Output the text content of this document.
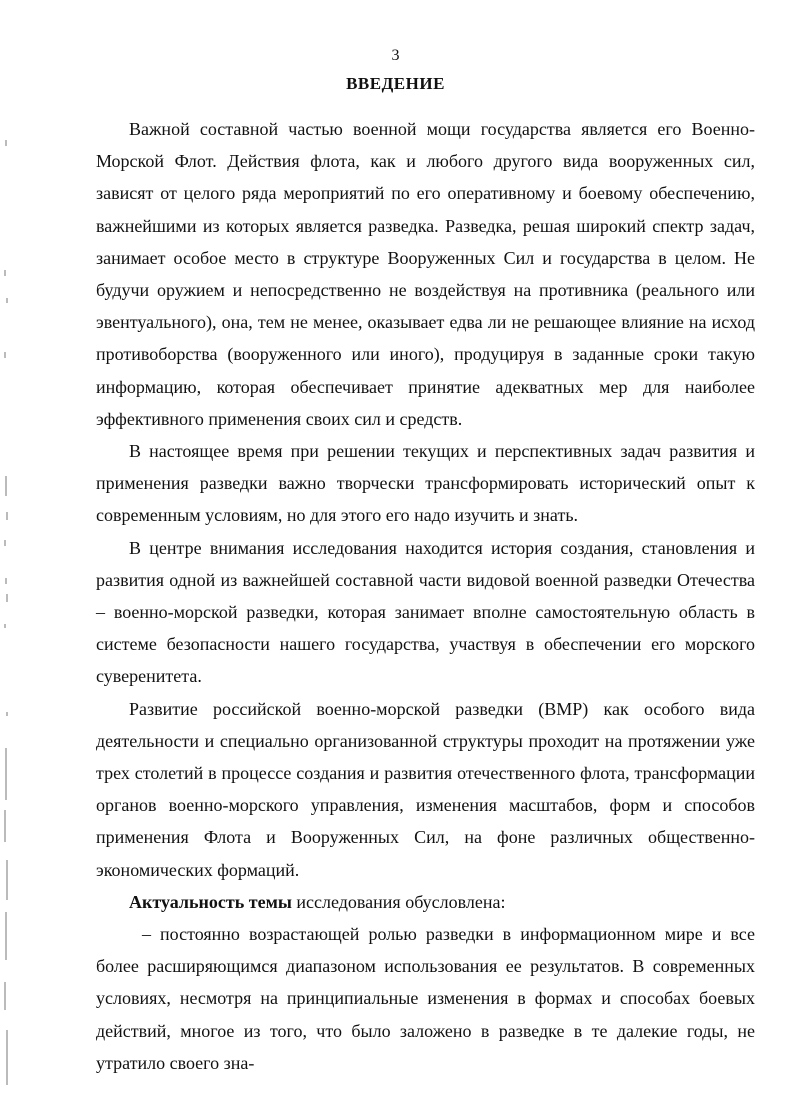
3
ВВЕДЕНИЕ

Важной составной частью военной мощи государства является его Военно-Морской Флот. Действия флота, как и любого другого вида вооруженных сил, зависят от целого ряда мероприятий по его оперативному и боевому обеспечению, важнейшими из которых является разведка. Разведка, решая широкий спектр задач, занимает особое место в структуре Вооруженных Сил и государства в целом. Не будучи оружием и непосредственно не воздействуя на противника (реального или эвентуального), она, тем не менее, оказывает едва ли не решающее влияние на исход противоборства (вооруженного или иного), продуцируя в заданные сроки такую информацию, которая обеспечивает принятие адекватных мер для наиболее эффективного применения своих сил и средств.

В настоящее время при решении текущих и перспективных задач развития и применения разведки важно творчески трансформировать исторический опыт к современным условиям, но для этого его надо изучить и знать.

В центре внимания исследования находится история создания, становления и развития одной из важнейшей составной части видовой военной разведки Отечества – военно-морской разведки, которая занимает вполне самостоятельную область в системе безопасности нашего государства, участвуя в обеспечении его морского суверенитета.

Развитие российской военно-морской разведки (ВМР) как особого вида деятельности и специально организованной структуры проходит на протяжении уже трех столетий в процессе создания и развития отечественного флота, трансформации органов военно-морского управления, изменения масштабов, форм и способов применения Флота и Вооруженных Сил, на фоне различных общественно-экономических формаций.

Актуальность темы исследования обусловлена:

– постоянно возрастающей ролью разведки в информационном мире и все более расширяющимся диапазоном использования ее результатов. В современных условиях, несмотря на принципиальные изменения в формах и способах боевых действий, многое из того, что было заложено в разведке в те далекие годы, не утратило своего зна-
